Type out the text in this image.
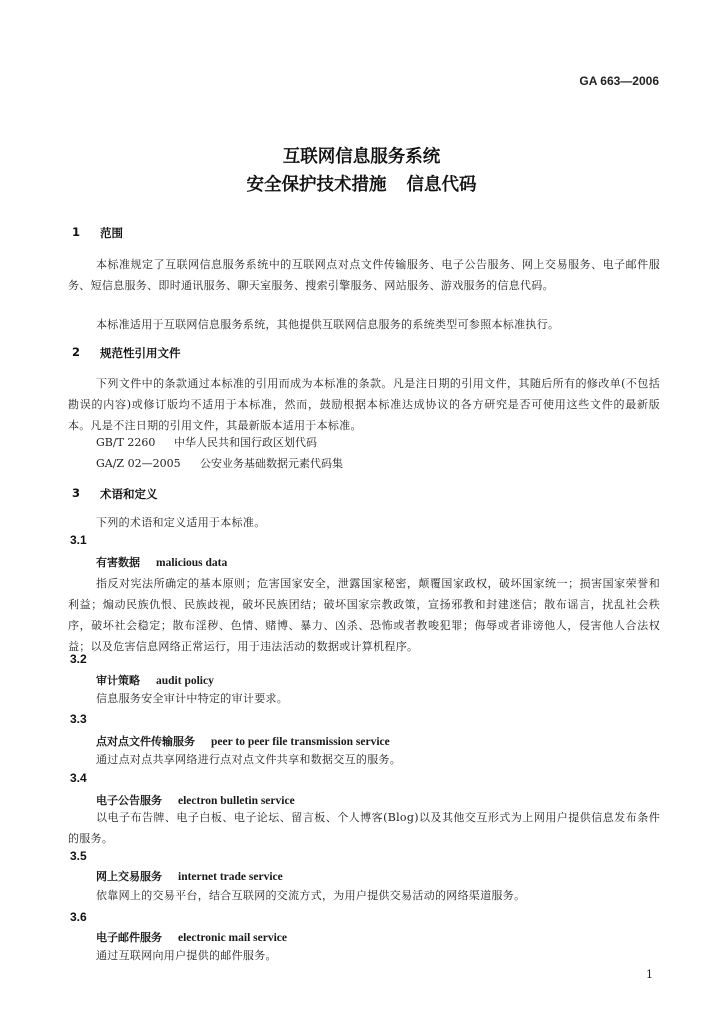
GA 663—2006
互联网信息服务系统
安全保护技术措施 信息代码
1 范围
本标准规定了互联网信息服务系统中的互联网点对点文件传输服务、电子公告服务、网上交易服务、电子邮件服务、短信息服务、即时通讯服务、聊天室服务、搜索引擎服务、网站服务、游戏服务的信息代码。
本标准适用于互联网信息服务系统，其他提供互联网信息服务的系统类型可参照本标准执行。
2 规范性引用文件
下列文件中的条款通过本标准的引用而成为本标准的条款。凡是注日期的引用文件，其随后所有的修改单(不包括勘误的内容)或修订版均不适用于本标准，然而，鼓励根据本标准达成协议的各方研究是否可使用这些文件的最新版本。凡是不注日期的引用文件，其最新版本适用于本标准。
GB/T 2260 中华人民共和国行政区划代码
GA/Z 02—2005 公安业务基础数据元素代码集
3 术语和定义
下列的术语和定义适用于本标准。
3.1
有害数据 malicious data
指反对宪法所确定的基本原则；危害国家安全，泄露国家秘密，颠覆国家政权，破坏国家统一；损害国家荣誉和利益；煽动民族仇恨、民族歧视，破坏民族团结；破坏国家宗教政策，宣扬邪教和封建迷信；散布谣言，扰乱社会秩序，破坏社会稳定；散布淫秽、色情、赌博、暴力、凶杀、恐怖或者教唆犯罪；侮辱或者诽谤他人，侵害他人合法权益；以及危害信息网络正常运行，用于违法活动的数据或计算机程序。
3.2
审计策略 audit policy
信息服务安全审计中特定的审计要求。
3.3
点对点文件传输服务 peer to peer file transmission service
通过点对点共享网络进行点对点文件共享和数据交互的服务。
3.4
电子公告服务 electron bulletin service
以电子布告牌、电子白板、电子论坛、留言板、个人博客(Blog)以及其他交互形式为上网用户提供信息发布条件的服务。
3.5
网上交易服务 internet trade service
依靠网上的交易平台，结合互联网的交流方式，为用户提供交易活动的网络渠道服务。
3.6
电子邮件服务 electronic mail service
通过互联网向用户提供的邮件服务。
1
